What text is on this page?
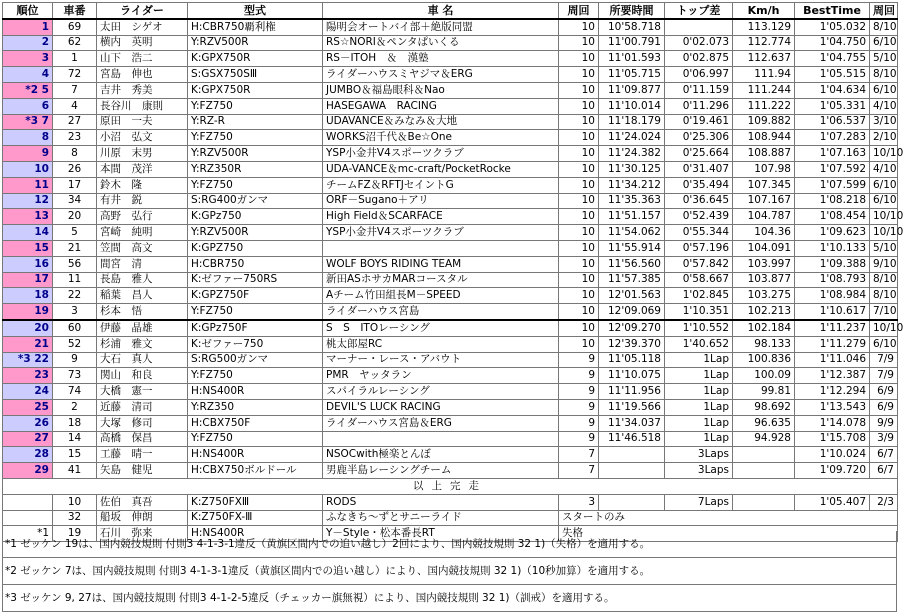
順位	車番	ライダー	型式	車 名	周回	所要時間	トップ差	Km/h	BestTime	周回
1	69	太田　シゲオ	H:CBR750覇利権	陽明会オートバイ部＋絶版同盟	10	10'58.718		113.129	1'05.032	8/10
2	62	横内　英明	Y:RZV500R	RS☆NORI＆ペンタぱいくる	10	11'00.791	0'02.073	112.774	1'04.750	6/10
3	1	山下　浩二	K:GPX750R	RS－ITOH　＆　漢塾	10	11'01.593	0'02.875	112.637	1'04.755	5/10
4	72	宮島　伸也	S:GSX750SⅢ	ライダーハウスミヤジマ＆ERG	10	11'05.715	0'06.997	111.94	1'05.515	8/10
*2 5	7	吉井　秀美	K:GPX750R	JUMBO＆福島眼科＆Nao	10	11'09.877	0'11.159	111.244	1'04.634	6/10
6	4	長谷川　康則	Y:FZ750	HASEGAWA　RACING	10	11'10.014	0'11.296	111.222	1'05.331	4/10
*3 7	27	原田　一夫	Y:RZ-R	UDAVANCE＆みなみ＆大地	10	11'18.179	0'19.461	109.882	1'06.537	3/10
8	23	小沼　弘文	Y:FZ750	WORKS沼千代＆Be☆One	10	11'24.024	0'25.306	108.944	1'07.283	2/10
9	8	川原　末男	Y:RZV500R	YSP小金井V4スポーツクラブ	10	11'24.382	0'25.664	108.887	1'07.163	10/10
10	26	本間　茂洋	Y:RZ350R	UDA-VANCE＆mc-craft/PocketRocke	10	11'30.125	0'31.407	107.98	1'07.592	4/10
11	17	鈴木　隆	Y:FZ750	チームFZ＆RFTJセイントG	10	11'34.212	0'35.494	107.345	1'07.599	6/10
12	34	有井　鋭	S:RG400ガンマ	ORF－Sugano＋アリ	10	11'35.363	0'36.645	107.167	1'08.218	6/10
13	20	高野　弘行	K:GPz750	High Field＆SCARFACE	10	11'51.157	0'52.439	104.787	1'08.454	10/10
14	5	宮崎　純明	Y:RZV500R	YSP小金井V4スポーツクラブ	10	11'54.062	0'55.344	104.36	1'09.623	10/10
15	21	笠間　高文	K:GPZ750		10	11'55.914	0'57.196	104.091	1'10.133	5/10
16	56	間宮　清	H:CBR750	WOLF BOYS RIDING TEAM	10	11'56.560	0'57.842	103.997	1'09.388	9/10
17	11	長島　雅人	K:ゼファー750RS	新田ASホサカMARコースタル	10	11'57.385	0'58.667	103.877	1'08.793	8/10
18	22	稲葉　昌人	K:GPZ750F	Aチーム竹田組長M－SPEED	10	12'01.563	1'02.845	103.275	1'08.984	8/10
19	3	杉本　悟	Y:FZ750	ライダーハウス宮島	10	12'09.069	1'10.351	102.213	1'10.617	7/10
20	60	伊藤　晶雄	K:GPz750F	S　S　ITOレーシング	10	12'09.270	1'10.552	102.184	1'11.237	10/10
21	52	杉浦　雅文	K:ゼファー750	桃太郎屋RC	10	12'39.370	1'40.652	98.133	1'11.279	6/10
*3 22	9	大石　真人	S:RG500ガンマ	マーナー・レース・アバウト	9	11'05.118	1Lap	100.836	1'11.046	7/9
23	73	関山　和良	Y:FZ750	PMR　ヤッタラン	9	11'10.075	1Lap	100.09	1'12.387	7/9
24	74	大橋　憲一	H:NS400R	スパイラルレーシング	9	11'11.956	1Lap	99.81	1'12.294	6/9
25	2	近藤　清司	Y:RZ350	DEVIL'S LUCK RACING	9	11'19.566	1Lap	98.692	1'13.543	6/9
26	18	大塚　修司	H:CBX750F	ライダーハウス宮島＆ERG	9	11'34.037	1Lap	96.635	1'14.078	9/9
27	14	高橋　保昌	Y:FZ750		9	11'46.518	1Lap	94.928	1'15.708	3/9
28	15	工藤　晴一	H:NS400R	NSOCwith極楽とんぼ	7		3Laps		1'10.024	6/7
29	41	矢島　健児	H:CBX750ボルドール	男鹿半島レーシングチーム	7		3Laps		1'09.720	6/7
以上完走										
	10	佐伯　真吾	K:Z750FXⅢ	RODS	3		7Laps		1'05.407	2/3
	32	船坂　伸朗	K:Z750FX-Ⅲ	ふなきち～ずとサニーライド	スタートのみ					
*1	19	石川　弥来	H:NS400R	Y－Style・松本番長RT	失格					
*1 ゼッケン 19は、国内競技規則 付則3 4-1-3-1違反（黄旗区間内での追い越し）2回により、国内競技規則 32 1)（失格）を適用する。
*2 ゼッケン 7は、国内競技規則 付則3 4-1-3-1違反（黄旗区間内での追い越し）により、国内競技規則 32 1)（10秒加算）を適用する。
*3 ゼッケン 9, 27は、国内競技規則 付則3 4-1-2-5違反（チェッカー旗無視）により、国内競技規則 32 1)（訓戒）を適用する。
